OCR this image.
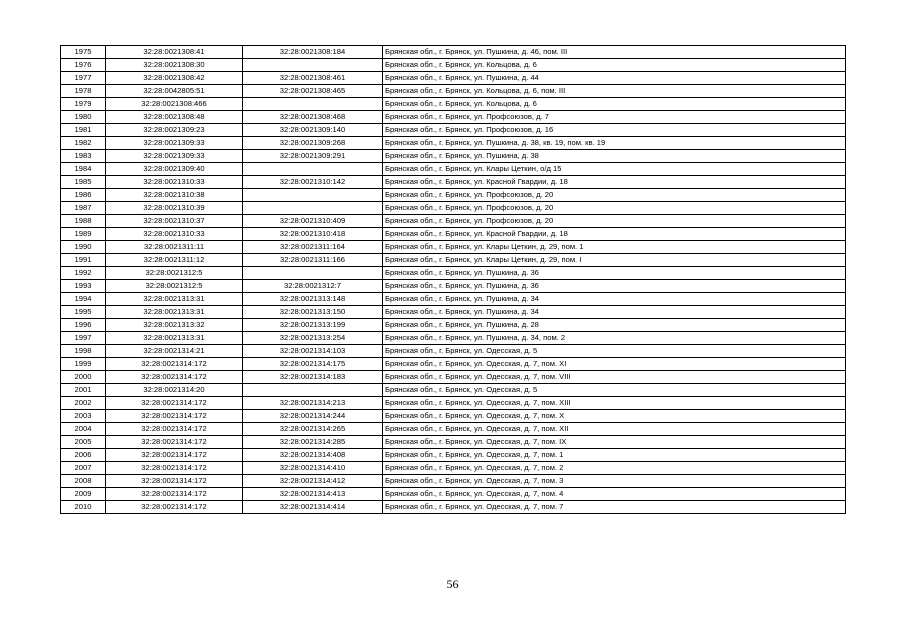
1975	32:28:0021308:41	32:28:0021308:184	Брянская обл., г. Брянск, ул. Пушкина, д. 46, пом. III
1976	32:28:0021308:30		Брянская обл., г. Брянск, ул. Кольцова, д. 6
1977	32:28:0021308:42	32:28:0021308:461	Брянская обл., г. Брянск, ул. Пушкина, д. 44
1978	32:28:0042805:51	32:28:0021308:465	Брянская обл., г. Брянск, ул. Кольцова, д. 6, пом. III
1979	32:28:0021308:466		Брянская обл., г. Брянск, ул. Кольцова, д. 6
1980	32:28:0021308:48	32:28:0021308:468	Брянская обл., г. Брянск, ул. Профсоюзов, д. 7
1981	32:28:0021309:23	32:28:0021309:140	Брянская обл., г. Брянск, ул. Профсоюзов, д. 16
1982	32:28:0021309:33	32:28:0021309:268	Брянская обл., г. Брянск, ул. Пушкина, д. 38, кв. 19, пом. кв. 19
1983	32:28:0021309:33	32:28:0021309:291	Брянская обл., г. Брянск, ул. Пушкина, д. 38
1984	32:28:0021309:40		Брянская обл., г. Брянск, ул. Клары Цеткин, о/д 15
1985	32:28:0021310:33	32:28:0021310:142	Брянская обл., г. Брянск, ул. Красной Гвардии, д. 18
1986	32:28:0021310:38		Брянская обл., г. Брянск, ул. Профсоюзов, д. 20
1987	32:28:0021310:39		Брянская обл., г. Брянск, ул. Профсоюзов, д. 20
1988	32:28:0021310:37	32:28:0021310:409	Брянская обл., г. Брянск, ул. Профсоюзов, д. 20
1989	32:28:0021310:33	32:28:0021310:418	Брянская обл., г. Брянск, ул. Красной Гвардии, д. 18
1990	32:28:0021311:11	32:28:0021311:164	Брянская обл., г. Брянск, ул. Клары Цеткин, д. 29, пом. 1
1991	32:28:0021311:12	32:28:0021311:166	Брянская обл., г. Брянск, ул. Клары Цеткин, д. 29, пом. I
1992	32:28:0021312:5		Брянская обл., г. Брянск, ул. Пушкина, д. 36
1993	32:28:0021312:5	32:28:0021312:7	Брянская обл., г. Брянск, ул. Пушкина, д. 36
1994	32:28:0021313:31	32:28:0021313:148	Брянская обл., г. Брянск, ул. Пушкина, д. 34
1995	32:28:0021313:31	32:28:0021313:150	Брянская обл., г. Брянск, ул. Пушкина, д. 34
1996	32:28:0021313:32	32:28:0021313:199	Брянская обл., г. Брянск, ул. Пушкина, д. 28
1997	32:28:0021313:31	32:28:0021313:254	Брянская обл., г. Брянск, ул. Пушкина, д. 34, пом. 2
1998	32:28:0021314:21	32:28:0021314:103	Брянская обл., г. Брянск, ул. Одесская, д. 5
1999	32:28:0021314:172	32:28:0021314:175	Брянская обл., г. Брянск, ул. Одесская, д. 7, пом. XI
2000	32:28:0021314:172	32:28:0021314:183	Брянская обл., г. Брянск, ул. Одесская, д. 7, пом. VIII
2001	32:28:0021314:20		Брянская обл., г. Брянск, ул. Одесская, д. 5
2002	32:28:0021314:172	32:28:0021314:213	Брянская обл., г. Брянск, ул. Одесская, д. 7, пом. XIII
2003	32:28:0021314:172	32:28:0021314:244	Брянская обл., г. Брянск, ул. Одесская, д. 7, пом. X
2004	32:28:0021314:172	32:28:0021314:265	Брянская обл., г. Брянск, ул. Одесская, д. 7, пом. XII
2005	32:28:0021314:172	32:28:0021314:285	Брянская обл., г. Брянск, ул. Одесская, д. 7, пом. IX
2006	32:28:0021314:172	32:28:0021314:408	Брянская обл., г. Брянск, ул. Одесская, д. 7, пом. 1
2007	32:28:0021314:172	32:28:0021314:410	Брянская обл., г. Брянск, ул. Одесская, д. 7, пом. 2
2008	32:28:0021314:172	32:28:0021314:412	Брянская обл., г. Брянск, ул. Одесская, д. 7, пом. 3
2009	32:28:0021314:172	32:28:0021314:413	Брянская обл., г. Брянск, ул. Одесская, д. 7, пом. 4
2010	32:28:0021314:172	32:28:0021314:414	Брянская обл., г. Брянск, ул. Одесская, д. 7, пом. 7
56
